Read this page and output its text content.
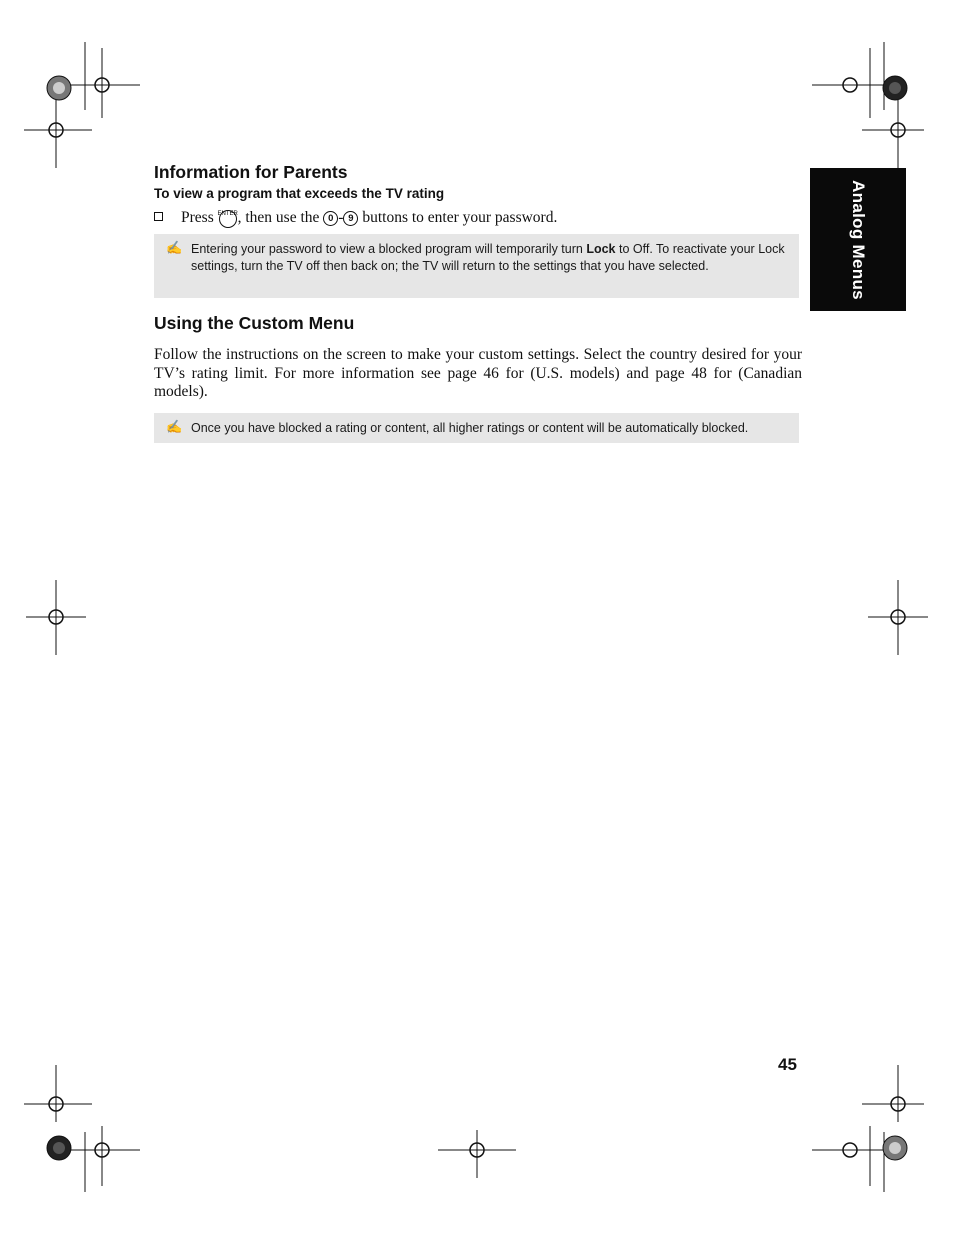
Analog Menus
Information for Parents
To view a program that exceeds the TV rating
Press ENTER , then use the 0 - 9 buttons to enter your password.
✍ Entering your password to view a blocked program will temporarily turn Lock to Off. To reactivate your Lock settings, turn the TV off then back on; the TV will return to the settings that you have selected.
Using the Custom Menu

Follow the instructions on the screen to make your custom settings. Select the country desired for your TV’s rating limit. For more information see page 46 for (U.S. models) and page 48 for (Canadian models).

✍ Once you have blocked a rating or content, all higher ratings or content will be automatically blocked.
45
